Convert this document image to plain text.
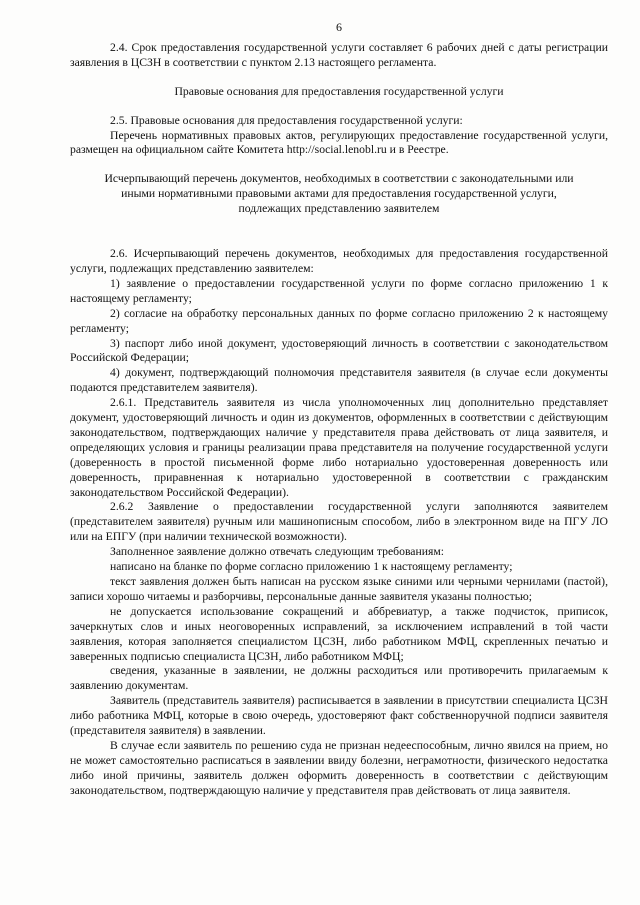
6

2.4. Срок предоставления государственной услуги составляет 6 рабочих дней с даты регистрации заявления в ЦСЗН в соответствии с пунктом 2.13 настоящего регламента.

Правовые основания для предоставления государственной услуги

2.5. Правовые основания для предоставления государственной услуги:

Перечень нормативных правовых актов, регулирующих предоставление государственной услуги, размещен на официальном сайте Комитета http://social.lenobl.ru и в Реестре.

Исчерпывающий перечень документов, необходимых в соответствии с законодательными или иными нормативными правовыми актами для предоставления государственной услуги, подлежащих представлению заявителем

2.6. Исчерпывающий перечень документов, необходимых для предоставления государственной услуги, подлежащих представлению заявителем:

1) заявление о предоставлении государственной услуги по форме согласно приложению 1 к настоящему регламенту;

2) согласие на обработку персональных данных по форме согласно приложению 2 к настоящему регламенту;

3) паспорт либо иной документ, удостоверяющий личность в соответствии с законодательством Российской Федерации;

4) документ, подтверждающий полномочия представителя заявителя (в случае если документы подаются представителем заявителя).

2.6.1. Представитель заявителя из числа уполномоченных лиц дополнительно представляет документ, удостоверяющий личность и один из документов, оформленных в соответствии с действующим законодательством, подтверждающих наличие у представителя права действовать от лица заявителя, и определяющих условия и границы реализации права представителя на получение государственной услуги (доверенность в простой письменной форме либо нотариально удостоверенная доверенность или доверенность, приравненная к нотариально удостоверенной в соответствии с гражданским законодательством Российской Федерации).

2.6.2 Заявление о предоставлении государственной услуги заполняются заявителем (представителем заявителя) ручным или машинописным способом, либо в электронном виде на ПГУ ЛО или на ЕПГУ (при наличии технической возможности).

Заполненное заявление должно отвечать следующим требованиям:

написано на бланке по форме согласно приложению 1 к настоящему регламенту;

текст заявления должен быть написан на русском языке синими или черными чернилами (пастой), записи хорошо читаемы и разборчивы, персональные данные заявителя указаны полностью;

не допускается использование сокращений и аббревиатур, а также подчисток, приписок, зачеркнутых слов и иных неоговоренных исправлений, за исключением исправлений в той части заявления, которая заполняется специалистом ЦСЗН, либо работником МФЦ, скрепленных печатью и заверенных подписью специалиста ЦСЗН, либо работником МФЦ;

сведения, указанные в заявлении, не должны расходиться или противоречить прилагаемым к заявлению документам.

Заявитель (представитель заявителя) расписывается в заявлении в присутствии специалиста ЦСЗН либо работника МФЦ, которые в свою очередь, удостоверяют факт собственноручной подписи заявителя (представителя заявителя) в заявлении.

В случае если заявитель по решению суда не признан недееспособным, лично явился на прием, но не может самостоятельно расписаться в заявлении ввиду болезни, неграмотности, физического недостатка либо иной причины, заявитель должен оформить доверенность в соответствии с действующим законодательством, подтверждающую наличие у представителя прав действовать от лица заявителя.
